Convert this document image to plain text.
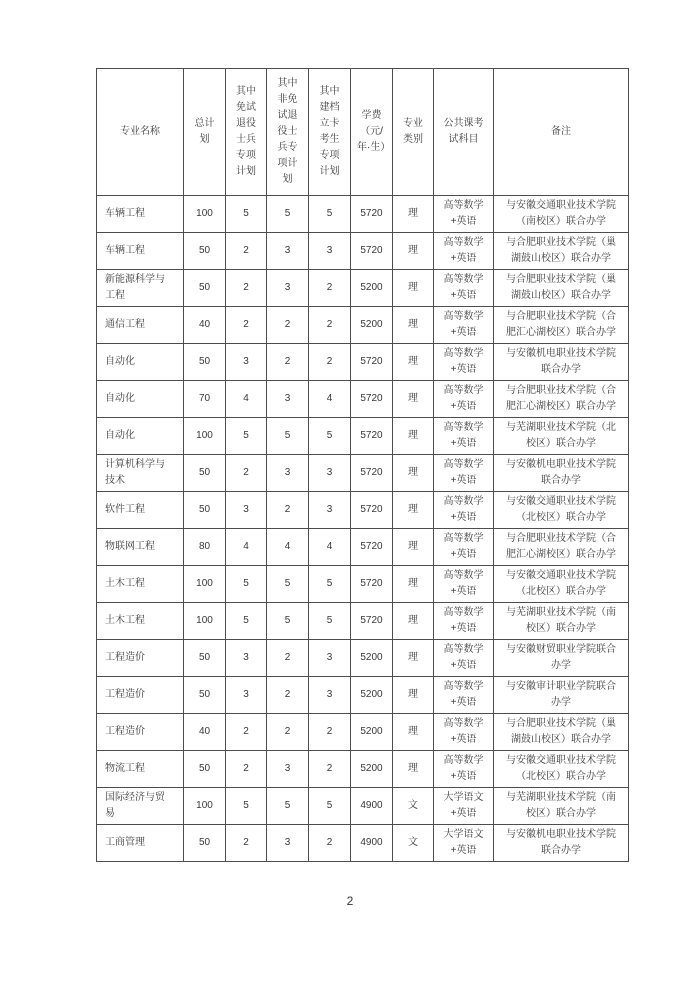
专业名称	总计划	其中免试退役士兵专项计划	其中非免试退役士兵专项计划	其中建档立卡考生专项计划	学费（元/年·生）	专业类别	公共课考试科目	备注
车辆工程	100	5	5	5	5720	理	高等数学+英语	与安徽交通职业技术学院（南校区）联合办学
车辆工程	50	2	3	3	5720	理	高等数学+英语	与合肥职业技术学院（巢湖鼓山校区）联合办学
新能源科学与工程	50	2	3	2	5200	理	高等数学+英语	与合肥职业技术学院（巢湖鼓山校区）联合办学
通信工程	40	2	2	2	5200	理	高等数学+英语	与合肥职业技术学院（合肥汇心湖校区）联合办学
自动化	50	3	2	2	5720	理	高等数学+英语	与安徽机电职业技术学院联合办学
自动化	70	4	3	4	5720	理	高等数学+英语	与合肥职业技术学院（合肥汇心湖校区）联合办学
自动化	100	5	5	5	5720	理	高等数学+英语	与芜湖职业技术学院（北校区）联合办学
计算机科学与技术	50	2	3	3	5720	理	高等数学+英语	与安徽机电职业技术学院联合办学
软件工程	50	3	2	3	5720	理	高等数学+英语	与安徽交通职业技术学院（北校区）联合办学
物联网工程	80	4	4	4	5720	理	高等数学+英语	与合肥职业技术学院（合肥汇心湖校区）联合办学
土木工程	100	5	5	5	5720	理	高等数学+英语	与安徽交通职业技术学院（北校区）联合办学
土木工程	100	5	5	5	5720	理	高等数学+英语	与芜湖职业技术学院（南校区）联合办学
工程造价	50	3	2	3	5200	理	高等数学+英语	与安徽财贸职业学院联合办学
工程造价	50	3	2	3	5200	理	高等数学+英语	与安徽审计职业学院联合办学
工程造价	40	2	2	2	5200	理	高等数学+英语	与合肥职业技术学院（巢湖鼓山校区）联合办学
物流工程	50	2	3	2	5200	理	高等数学+英语	与安徽交通职业技术学院（北校区）联合办学
国际经济与贸易	100	5	5	5	4900	文	大学语文+英语	与芜湖职业技术学院（南校区）联合办学
工商管理	50	2	3	2	4900	文	大学语文+英语	与安徽机电职业技术学院联合办学
2
